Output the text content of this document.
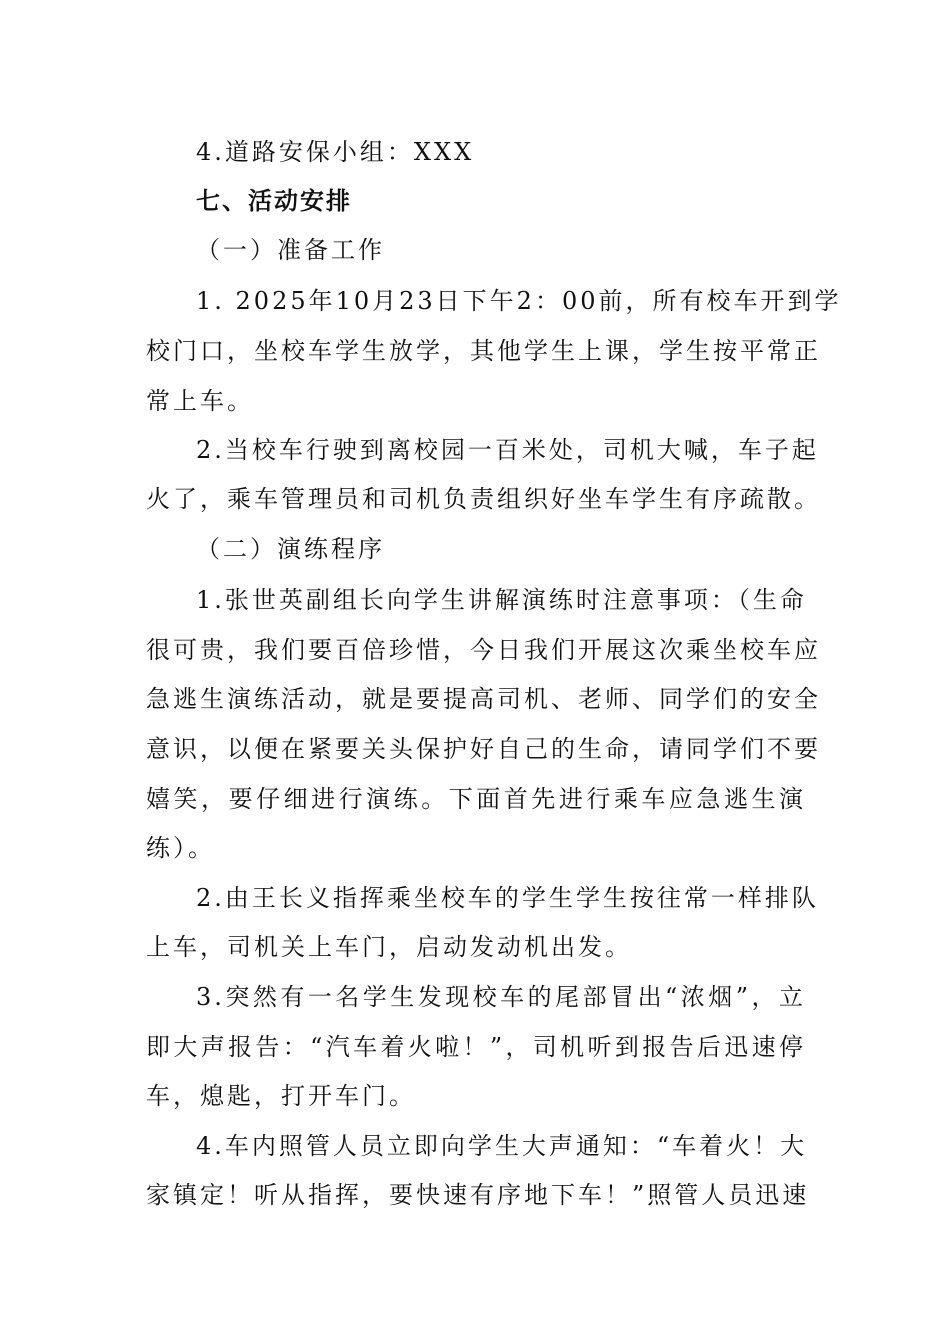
4.道路安保小组：XXX
七、活动安排
（一）准备工作
1. 2025年10月23日下午2：00前，所有校车开到学
校门口，坐校车学生放学，其他学生上课，学生按平常正
常上车。
2.当校车行驶到离校园一百米处，司机大喊，车子起
火了，乘车管理员和司机负责组织好坐车学生有序疏散。
（二）演练程序
1.张世英副组长向学生讲解演练时注意事项：（生命
很可贵，我们要百倍珍惜，今日我们开展这次乘坐校车应
急逃生演练活动，就是要提高司机、老师、同学们的安全
意识，以便在紧要关头保护好自己的生命，请同学们不要
嬉笑，要仔细进行演练。下面首先进行乘车应急逃生演
练）。
2.由王长义指挥乘坐校车的学生学生按往常一样排队
上车，司机关上车门，启动发动机出发。
3.突然有一名学生发现校车的尾部冒出“浓烟”，立
即大声报告：“汽车着火啦！”，司机听到报告后迅速停
车，熄匙，打开车门。
4.车内照管人员立即向学生大声通知：“车着火！大
家镇定！听从指挥，要快速有序地下车！”照管人员迅速
